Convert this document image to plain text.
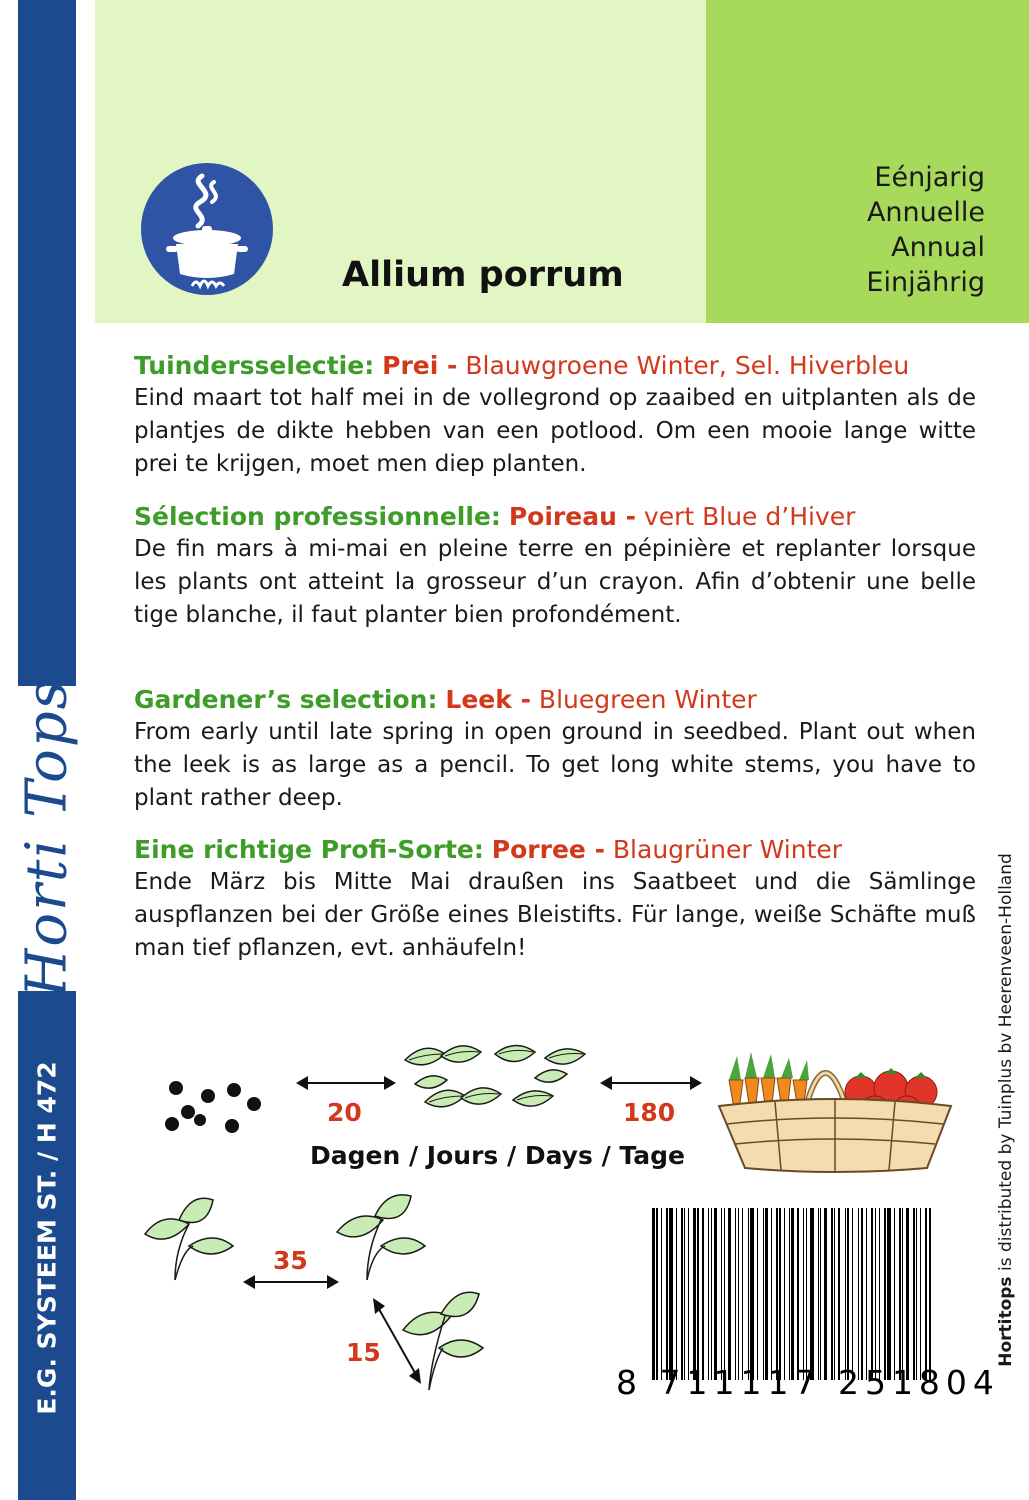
Horti Tops
E.G. SYSTEEM ST. / H 472
Allium porrum
Eénjarig
Annuelle
Annual
Einjährig
Tuindersselectie: Prei - Blauwgroene Winter, Sel. Hiverbleu
Eind maart tot half mei in de vollegrond op zaaibed en uitplanten als de plantjes de dikte hebben van een potlood. Om een mooie lange witte prei te krijgen, moet men diep planten.
Sélection professionnelle: Poireau - vert Blue d’Hiver
De fin mars à mi-mai en pleine terre en pépinière et replanter lorsque les plants ont atteint la grosseur d’un crayon. Afin d’obtenir une belle tige blanche, il faut planter bien profondément.
Gardener’s selection: Leek - Bluegreen Winter
From early until late spring in open ground in seedbed. Plant out when the leek is as large as a pencil. To get long white stems, you have to plant rather deep.
Eine richtige Profi-Sorte: Porree - Blaugrüner Winter
Ende März bis Mitte Mai draußen ins Saatbeet und die Sämlinge auspflanzen bei der Größe eines Bleistifts. Für lange, weiße Schäfte muß man tief pflanzen, evt. anhäufeln!
Hortitops is distributed by Tuinplus bv Heerenveen-Holland
20	180
Dagen / Jours / Days / Tage
35
15
8 711117 251804
